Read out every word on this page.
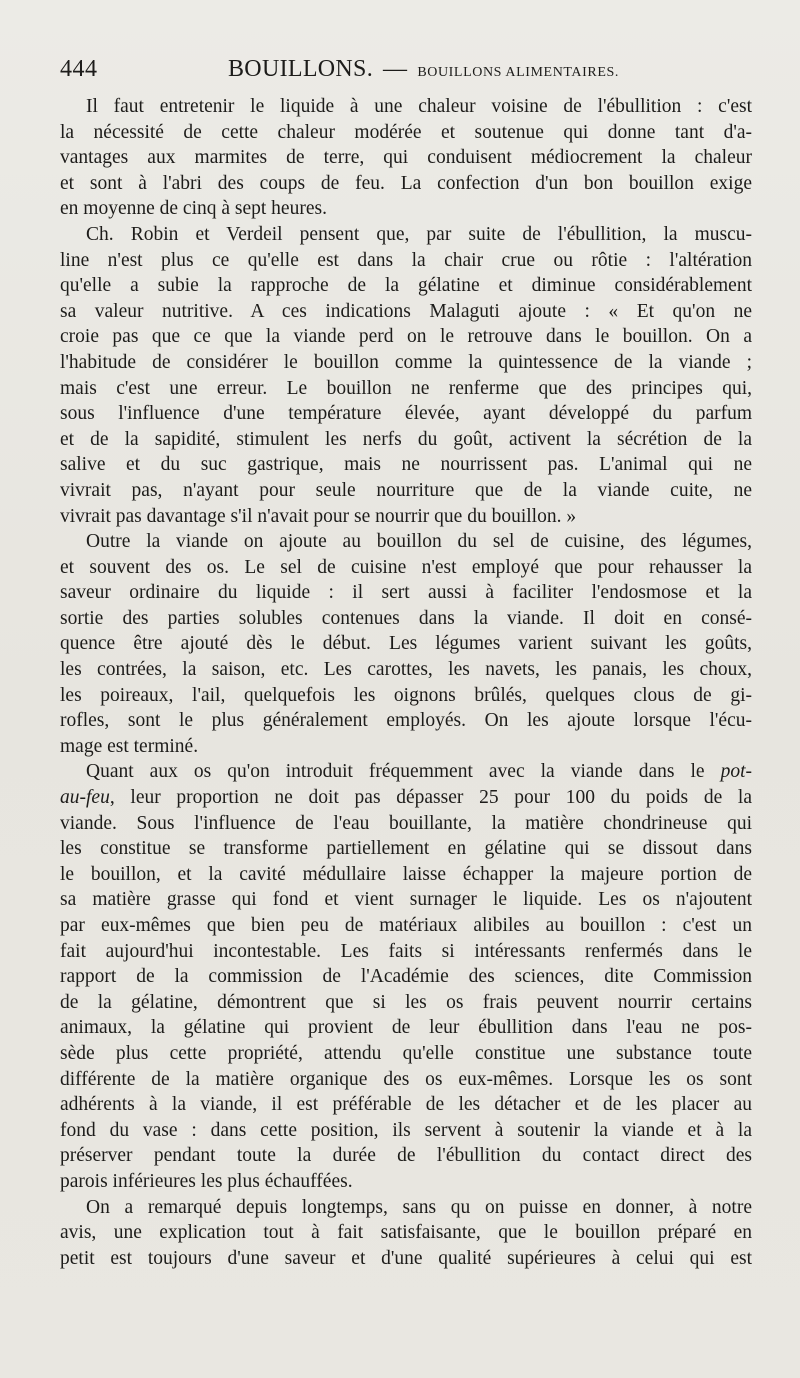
444	BOUILLONS. — BOUILLONS ALIMENTAIRES.
Il faut entretenir le liquide à une chaleur voisine de l'ébullition : c'est
la nécessité de cette chaleur modérée et soutenue qui donne tant d'a-
vantages aux marmites de terre, qui conduisent médiocrement la chaleur
et sont à l'abri des coups de feu. La confection d'un bon bouillon exige
en moyenne de cinq à sept heures.
Ch. Robin et Verdeil pensent que, par suite de l'ébullition, la muscu-
line n'est plus ce qu'elle est dans la chair crue ou rôtie : l'altération
qu'elle a subie la rapproche de la gélatine et diminue considérablement
sa valeur nutritive. A ces indications Malaguti ajoute : « Et qu'on ne
croie pas que ce que la viande perd on le retrouve dans le bouillon. On a
l'habitude de considérer le bouillon comme la quintessence de la viande ;
mais c'est une erreur. Le bouillon ne renferme que des principes qui,
sous l'influence d'une température élevée, ayant développé du parfum
et de la sapidité, stimulent les nerfs du goût, activent la sécrétion de la
salive et du suc gastrique, mais ne nourrissent pas. L'animal qui ne
vivrait pas, n'ayant pour seule nourriture que de la viande cuite, ne
vivrait pas davantage s'il n'avait pour se nourrir que du bouillon. »
Outre la viande on ajoute au bouillon du sel de cuisine, des légumes,
et souvent des os. Le sel de cuisine n'est employé que pour rehausser la
saveur ordinaire du liquide : il sert aussi à faciliter l'endosmose et la
sortie des parties solubles contenues dans la viande. Il doit en consé-
quence être ajouté dès le début. Les légumes varient suivant les goûts,
les contrées, la saison, etc. Les carottes, les navets, les panais, les choux,
les poireaux, l'ail, quelquefois les oignons brûlés, quelques clous de gi-
rofles, sont le plus généralement employés. On les ajoute lorsque l'écu-
mage est terminé.
Quant aux os qu'on introduit fréquemment avec la viande dans le pot-
au-feu, leur proportion ne doit pas dépasser 25 pour 100 du poids de la
viande. Sous l'influence de l'eau bouillante, la matière chondrineuse qui
les constitue se transforme partiellement en gélatine qui se dissout dans
le bouillon, et la cavité médullaire laisse échapper la majeure portion de
sa matière grasse qui fond et vient surnager le liquide. Les os n'ajoutent
par eux-mêmes que bien peu de matériaux alibiles au bouillon : c'est un
fait aujourd'hui incontestable. Les faits si intéressants renfermés dans le
rapport de la commission de l'Académie des sciences, dite Commission
de la gélatine, démontrent que si les os frais peuvent nourrir certains
animaux, la gélatine qui provient de leur ébullition dans l'eau ne pos-
sède plus cette propriété, attendu qu'elle constitue une substance toute
différente de la matière organique des os eux-mêmes. Lorsque les os sont
adhérents à la viande, il est préférable de les détacher et de les placer au
fond du vase : dans cette position, ils servent à soutenir la viande et à la
préserver pendant toute la durée de l'ébullition du contact direct des
parois inférieures les plus échauffées.
On a remarqué depuis longtemps, sans qu on puisse en donner, à notre
avis, une explication tout à fait satisfaisante, que le bouillon préparé en
petit est toujours d'une saveur et d'une qualité supérieures à celui qui est
